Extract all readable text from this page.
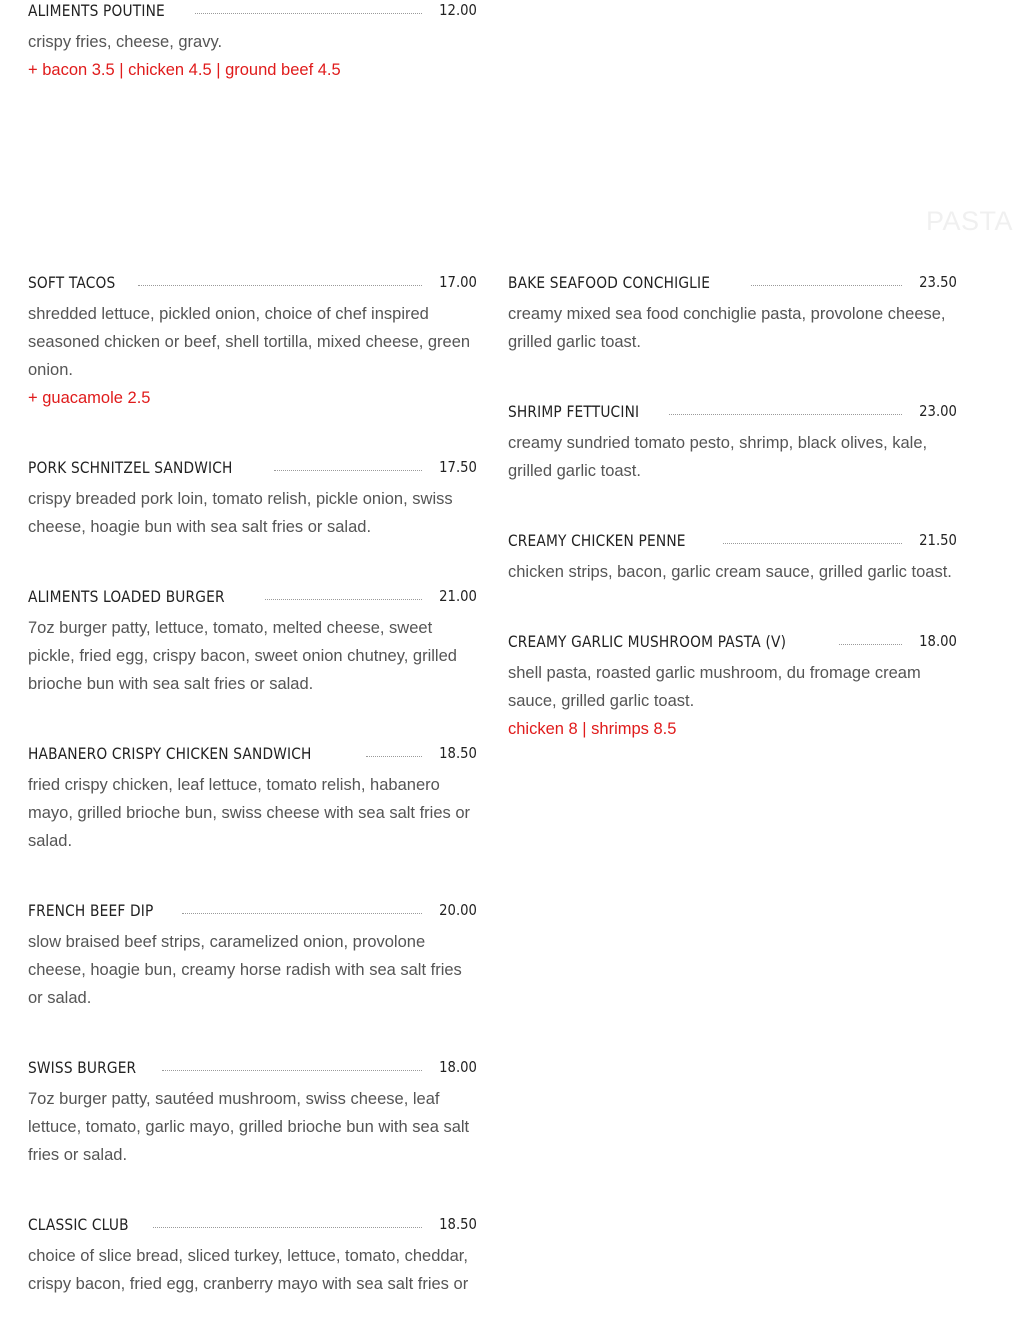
ALIMENTS POUTINE	12.00
crispy fries, cheese, gravy.
+ bacon 3.5 | chicken 4.5 | ground beef 4.5
PASTA
SOFT TACOS	17.00
shredded lettuce, pickled onion, choice of chef inspired seasoned chicken or beef, shell tortilla, mixed cheese, green onion.
+ guacamole 2.5
PORK SCHNITZEL SANDWICH	17.50
crispy breaded pork loin, tomato relish, pickle onion, swiss cheese, hoagie bun with sea salt fries or salad.
ALIMENTS LOADED BURGER	21.00
7oz burger patty, lettuce, tomato, melted cheese, sweet pickle, fried egg, crispy bacon, sweet onion chutney, grilled brioche bun with sea salt fries or salad.
HABANERO CRISPY CHICKEN SANDWICH	18.50
fried crispy chicken, leaf lettuce, tomato relish, habanero mayo, grilled brioche bun, swiss cheese with sea salt fries or salad.
FRENCH BEEF DIP	20.00
slow braised beef strips, caramelized onion, provolone cheese, hoagie bun, creamy horse radish with sea salt fries or salad.
SWISS BURGER	18.00
7oz burger patty, sautéed mushroom, swiss cheese, leaf lettuce, tomato, garlic mayo, grilled brioche bun with sea salt fries or salad.
CLASSIC CLUB	18.50
choice of slice bread, sliced turkey, lettuce, tomato, cheddar, crispy bacon, fried egg, cranberry mayo with sea salt fries or
BAKE SEAFOOD CONCHIGLIE	23.50
creamy mixed sea food conchiglie pasta, provolone cheese, grilled garlic toast.
SHRIMP FETTUCINI	23.00
creamy sundried tomato pesto, shrimp, black olives, kale, grilled garlic toast.
CREAMY CHICKEN PENNE	21.50
chicken strips, bacon, garlic cream sauce, grilled garlic toast.
CREAMY GARLIC MUSHROOM PASTA (V)	18.00
shell pasta, roasted garlic mushroom, du fromage cream sauce, grilled garlic toast.
chicken 8 | shrimps 8.5
